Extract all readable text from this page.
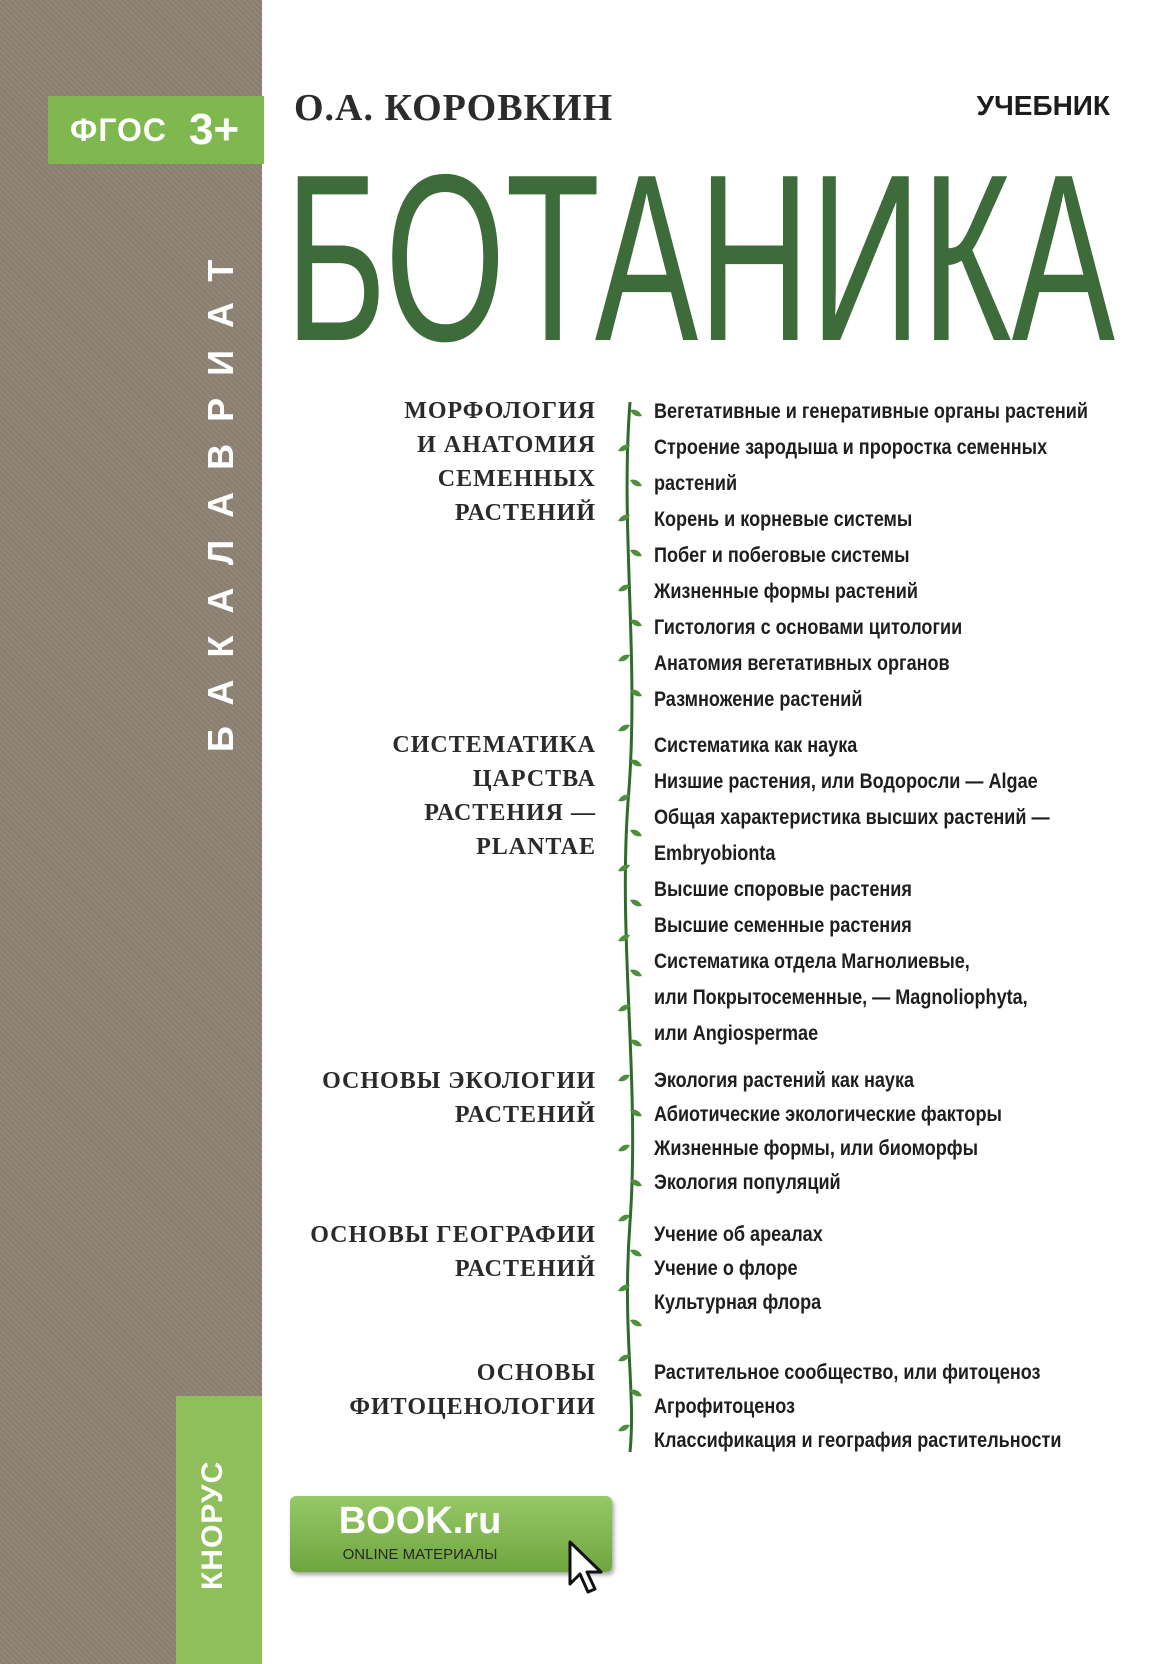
ФГОС 3+
БАКАЛАВРИАТ
КНОРУС
О.А. КОРОВКИН	УЧЕБНИК
БОТАНИКА
МОРФОЛОГИЯ
И АНАТОМИЯ
СЕМЕННЫХ
РАСТЕНИЙ
Вегетативные и генеративные органы растений
Строение зародыша и проростка семенных
растений
Корень и корневые системы
Побег и побеговые системы
Жизненные формы растений
Гистология с основами цитологии
Анатомия вегетативных органов
Размножение растений
СИСТЕМАТИКА
ЦАРСТВА
РАСТЕНИЯ —
PLANTAE
Систематика как наука
Низшие растения, или Водоросли — Algae
Общая характеристика высших растений —
Embryobionta
Высшие споровые растения
Высшие семенные растения
Систематика отдела Магнолиевые,
или Покрытосеменные, — Magnoliophyta,
или Angiospermae
ОСНОВЫ ЭКОЛОГИИ
РАСТЕНИЙ
Экология растений как наука
Абиотические экологические факторы
Жизненные формы, или биоморфы
Экология популяций
ОСНОВЫ ГЕОГРАФИИ
РАСТЕНИЙ
Учение об ареалах
Учение о флоре
Культурная флора
ОСНОВЫ
ФИТОЦЕНОЛОГИИ
Растительное сообщество, или фитоценоз
Агрофитоценоз
Классификация и география растительности
BOOK.ru
ONLINE МАТЕРИАЛЫ
